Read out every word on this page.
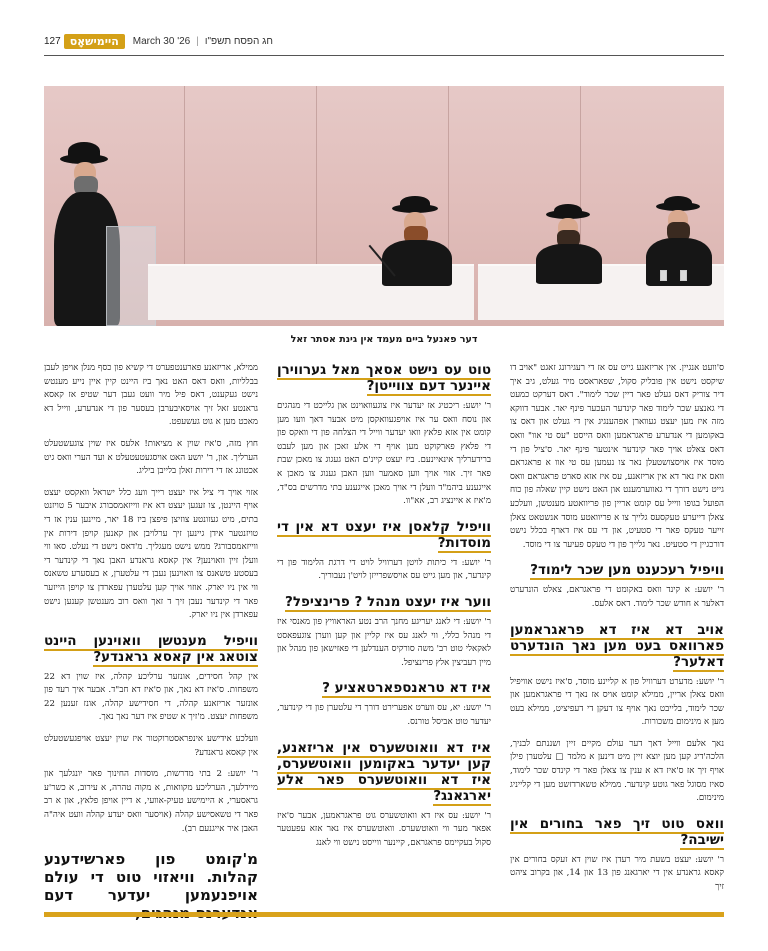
127 היימישאָס	March 30 '26 | חג הפסח תשפ"ו
דער פאנעל ביים מעמד אין גינת אסתר זאל

ממילא, אריזאנע פארענטפערט די קשיא פון כסף מנלן אויפן לעבן בבלליות, וואס דאס האט נאך ביז היינט קיין איין נייע מענטש נישט געקענט, דאס פיל מיר וועט געבן דער שטיפ אז קאסא גראנטע זאל זיך אויסאיבערבן בעסער פון די אנדערע, ווייל דא מאכט מען א גוט געשעפט.

חוץ מזה, ס'איז שוין א מציאות! אלעס איז שוין צוגעשטעלט הערליך. און, ר' יושע האט אויסגעטעטעלט א ועד הערי וואס גיט אכטונג אז די דירות זאלן בלייבן ביליג.

אזוי אויך די ציל איז יעצט רייך וועג כלל ישראל וואקסט יעצט אויף היינטן, צו זעגען יעצט דא איז ווייזאמסבורג איבער 5 טויזנט בתים, מיט געזונטע צוזיצן פיפצן ביז 18 יאר, מיינען ענין אז די טויזנטער אידן גיינען זיך ערלויבן און קאנען קויפן דירות אין ווייזאמסבורג? ממש נישט מעגליך. מ'דאס נישט די נעלט. סאו ווי וועלן זיין וואוינען? אין קאסא גראנדע האבן נאך די קינדער די בעסטע טשאנס צו וואוינען נעבן די עלטערן, א בעסערע טשאנס ווי אין ניו יארק. אוזוי אויך קען עלטערן עפארדן צו קויפן הייזער פאר די קינדער נעבן זיך ד זאך וואס רוב מענטשן קענען נישט עפארדן אין ניו יארק.

וויפיל מענטשן וואוינען היינט צוטאג אין קאסא גראנדע?

אין קהל חסידים, אונזער ערליכע קהלה, איז שוין דא 22 משפחות. ס'איז דא נאך, און ס'איז דא חב"ד. אבער איך רעד פון אונזער אריזאנע קהלה, די חסידישע קהלה, אונז זענען 22 משפחות יעצט. מ'זיך א שטיפ איז דער נאך נאך.

וועלכע אידישע אינפראסטרוקטור איז שוין יעצט אויפגעשטעלט אין קאסא גראנדע?

ר' יושע: 2 בתי מדרשות, מוסדות החינוך פאר יונגלעך און מיידלעך, הערליכע מקוואות, א מקוה טהרה, א עירוב, א כשר'ע גראסערי, א היימישע טעיק-אוועי, א דיין אויפן פלאץ, און א רב פאר די טשאסישע קהלה (אויסער וואס יעדע קהלה וועט איה"ה האבן איר אייגנעם רב).

מ'קומט פון פארשידענע קהלות. וויאזוי טוט די עולם אויפנעמען יעדער דעם
טוט עס נישט אסאך מאל גערווירן איינער דעם צווייטן?

ר' יושע: ריכטיג אז יעדער איז צוגעוואוינט און גלייכט די מנהגים און נוסח וואס ער איז אויפגעוואקסן מיט אבער דאך וועו מען קומט אין אזא פלאץ וואו יעדער ווייל די הצלחה פון די וואקס פון די פלאץ פארקוקט מען אויף די אלע זאכן און מען לעבט ברידערליך אינאיינעם. ביז יעצט קיינ'ם האט געגוג צו מאכן שבת פאר זיך. אזוי אויך ווען סאמער ווען האבן גענוג צו מאכן א אייגענע ביהמ"ד וועלן די אויך מאכן אייגענע בתי מדרשים בס"ד, מ'איז א איינציג רב, אא"וו.

וויפיל קלאסן איז יעצט דא אין די מוסדות?

ר' יושע: די כיתות לויטן דערוויל לויט די דרגת הלימוד פון די קינדער, און מען גייט עס אויסשפרייזן לויט'ן נעבוריך.

ווער איז יעצט מנהל ? פרינציפל?

ר' יושע: די לאנג יעריגע מחנך הרב נטע האראוויץ פון מאנסי איז די מנהל כללי, ווי לאנג עס איז קליין און קען ווערן צוגעפאסט לאקאלי טוט רב' משה סורקיס הענדלען די פאזישאן פון מנהל און מיין רעביצין אלץ פרינציפל.

איז דא טראנספארטאציע ?

ר' יושע: יא, עס ווערט אפערירט דורך די עלטערן פון די קינדער, יעדער טוט אביסל טורנס.

איז דא וואוטשערס אין אריזאנע, קען יעדער באקומען וואוטשערס, איז דא וואוטשערס פאר אלע יארגאנג?

ר' יושע: עס איז דא וואוטשערס גוט פראגראמען, אבער ס'איז אפאר מער ווי וואוטשערס. וואוטשערס איז נאר אזא עפעטער סקול בעקיימס פראגראם, קיינער ווייסט נישט ווי לאנג

ס'וועט אנגיין. אין אריזאנע גייט עס אז די רעגירונג זאגט "אויב דו שיקסט נישט אין פובליק סקול, שפאראסט מיר געלט, גיב איך דיר צוריק דאס געלט פאר דיין שכר לימוד". דאס דערקט כמעט די גאנצע שכר לימוד פאר קינדער העכער פינף יאר. אבער דווקא מזה איז מען יעצט געווארן אפהענגיג אין די געלט און דאס צו באקומען די אנדערע פראגראמען וואס הייסט "עס טי אוו" וואס דאס צאלט אויך פאר קינדער אינטער פינף יאר. ס'ציל פון די מוסד איז אויסצושטעלן נאר צו נעמען עס טי אוו א פראגראם וואס איז נאר דא אין אריזאנע, עס איז אזא סארט פראגראם וואס גייט נישט דורך די גאווערמענט און האט נישט קיין שאלה פון כוח הפועל בגופו ווייל עס קומט אריין פון פריוואטע מענטשן, וועלכע צאלן דייערע טעקסעס גלייך צו א פריוואטע מוסד אנשטאט צאלן זייער טעקס פאר די סטעיט, און די עס איז דארף בכלל נישט דורכגיין די סטעיט. נאר גלייך פון די טעקס פעיער צו די מוסד.

וויפיל רעכענט מען שכר לימוד?

ר' יושע: א קינד וואס באקומט די פראגראם, צאלט הונדערט דאלער א חודש שכר לימוד. דאס אלעס.

אויב דא איז דא פראגראמען פארוואס בעט מען נאך הונדערט דאלער?

ר' יושע: מדערט דערוויל פון א קליינע מוסד, ס'איז נישט אוויפיל וואס צאלן אריין, ממילא קומט אויס אז נאך די פראגראמען און שכר לימוד, בלייבט נאך אויף צו דעקן די דעפיציט, ממילא בעט מען א מינימום משכורות.

נאך אלעם ווייל דאך דער עולם מקיים זיין ושננתם לבניך, הלכה'דיג קען מען יוצא זיין מיט דינען א מלמד □ עלטערן פילן אויף זיך אז ס'איז דא א ענין צו צאלן פאר די קינדס שכר לימוד, סאיז מסוגל פאר גוטע קינדער. ממילא טשארדזשט מען די קלייניג מינימום.

וואס טוט זיך פאר בחורים אין ישיבה?

ר' יושע: יעצט בשעת מיר רעדן איז שוין דא זעקס בחורים אין קאסא גראנדע אין די יארגאנג פון 13 און 14, און בקרוב ציהט זיך
